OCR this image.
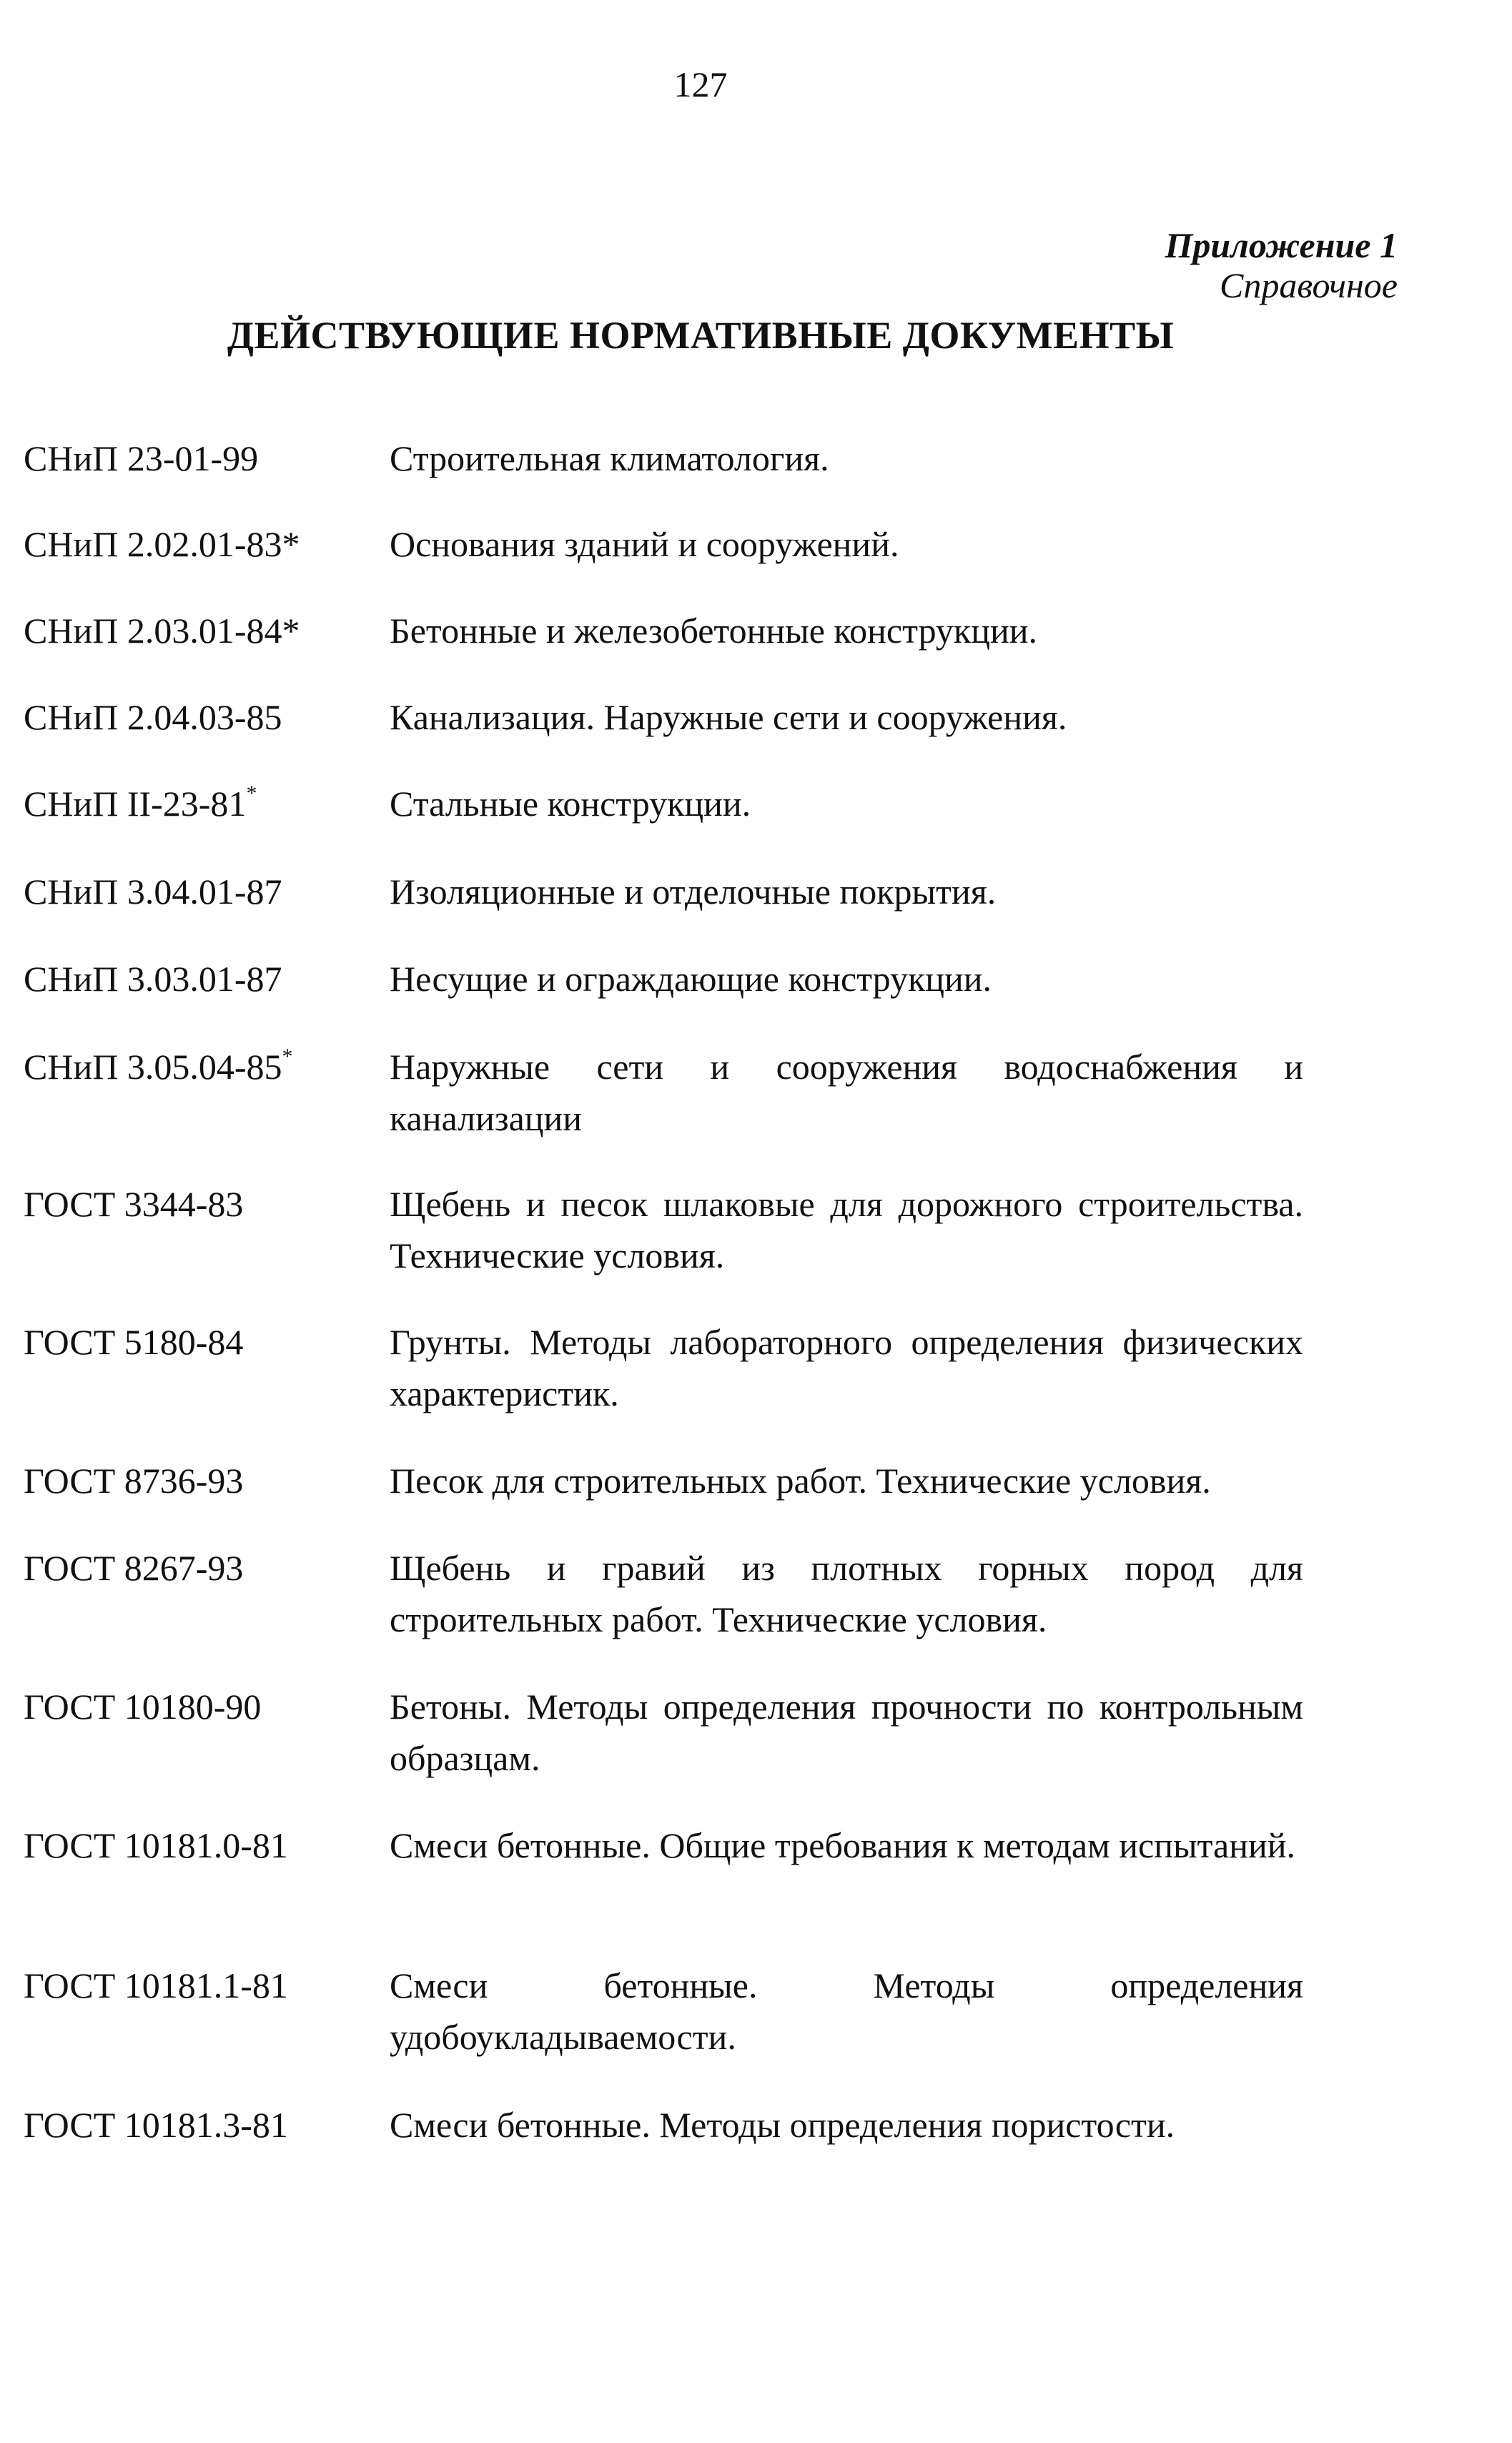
127
Приложение 1
Справочное
ДЕЙСТВУЮЩИЕ НОРМАТИВНЫЕ ДОКУМЕНТЫ
СНиП 23-01-99	Строительная климатология.
СНиП 2.02.01-83*	Основания зданий и сооружений.
СНиП 2.03.01-84*	Бетонные и железобетонные конструкции.
СНиП 2.04.03-85	Канализация. Наружные сети и сооружения.
СНиП II-23-81*	Стальные конструкции.
СНиП 3.04.01-87	Изоляционные и отделочные покрытия.
СНиП 3.03.01-87	Несущие и ограждающие конструкции.
СНиП 3.05.04-85*	Наружные сети и сооружения водоснабжения и канализации
ГОСТ 3344-83	Щебень и песок шлаковые для дорожного строительства. Технические условия.
ГОСТ 5180-84	Грунты. Методы лабораторного определения физических характеристик.
ГОСТ 8736-93	Песок для строительных работ. Технические условия.
ГОСТ 8267-93	Щебень и гравий из плотных горных пород для строительных работ. Технические условия.
ГОСТ 10180-90	Бетоны. Методы определения прочности по контрольным образцам.
ГОСТ 10181.0-81	Смеси бетонные. Общие требования к методам испытаний.
ГОСТ 10181.1-81	Смеси бетонные. Методы определения удобоукладываемости.
ГОСТ 10181.3-81	Смеси бетонные. Методы определения пористости.
